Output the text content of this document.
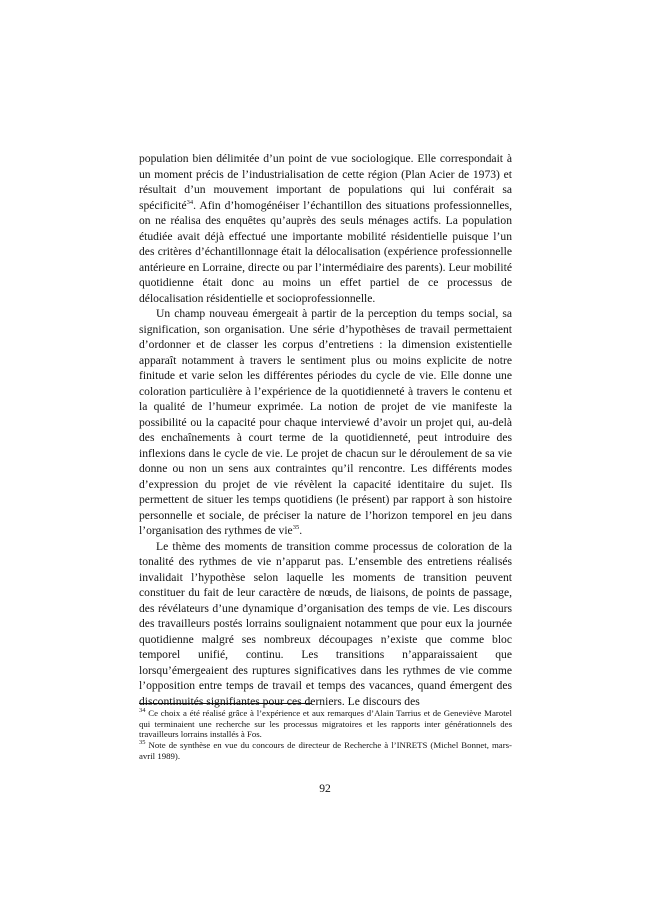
population bien délimitée d’un point de vue sociologique. Elle correspondait à un moment précis de l’industrialisation de cette région (Plan Acier de 1973) et résultait d’un mouvement important de populations qui lui conférait sa spécificité$^{34}$. Afin d’homogénéiser l’échantillon des situations professionnelles, on ne réalisa des enquêtes qu’auprès des seuls ménages actifs. La population étudiée avait déjà effectué une importante mobilité résidentielle puisque l’un des critères d’échantillonnage était la délocalisation (expérience professionnelle antérieure en Lorraine, directe ou par l’intermédiaire des parents). Leur mobilité quotidienne était donc au moins un effet partiel de ce processus de délocalisation résidentielle et socioprofessionnelle.

Un champ nouveau émergeait à partir de la perception du temps social, sa signification, son organisation. Une série d’hypothèses de travail permettaient d’ordonner et de classer les corpus d’entretiens : la dimension existentielle apparaît notamment à travers le sentiment plus ou moins explicite de notre finitude et varie selon les différentes périodes du cycle de vie. Elle donne une coloration particulière à l’expérience de la quotidienneté à travers le contenu et la qualité de l’humeur exprimée. La notion de projet de vie manifeste la possibilité ou la capacité pour chaque interviewé d’avoir un projet qui, au-delà des enchaînements à court terme de la quotidienneté, peut introduire des inflexions dans le cycle de vie. Le projet de chacun sur le déroulement de sa vie donne ou non un sens aux contraintes qu’il rencontre. Les différents modes d’expression du projet de vie révèlent la capacité identitaire du sujet. Ils permettent de situer les temps quotidiens (le présent) par rapport à son histoire personnelle et sociale, de préciser la nature de l’horizon temporel en jeu dans l’organisation des rythmes de vie$^{35}$.

Le thème des moments de transition comme processus de coloration de la tonalité des rythmes de vie n’apparut pas. L’ensemble des entretiens réalisés invalidait l’hypothèse selon laquelle les moments de transition peuvent constituer du fait de leur caractère de nœuds, de liaisons, de points de passage, des révélateurs d’une dynamique d’organisation des temps de vie. Les discours des travailleurs postés lorrains soulignaient notamment que pour eux la journée quotidienne malgré ses nombreux découpages n’existe que comme bloc temporel unifié, continu. Les transitions n’apparaissaient que lorsqu’émergeaient des ruptures significatives dans les rythmes de vie comme l’opposition entre temps de travail et temps des vacances, quand émergent des discontinuités signifiantes pour ces derniers. Le discours des

$^{34}$ Ce choix a été réalisé grâce à l’expérience et aux remarques d’Alain Tarrius et de Geneviève Marotel qui terminaient une recherche sur les processus migratoires et les rapports inter générationnels des travailleurs lorrains installés à Fos.

$^{35}$ Note de synthèse en vue du concours de directeur de Recherche à l’INRETS (Michel Bonnet, mars-avril 1989).

92
